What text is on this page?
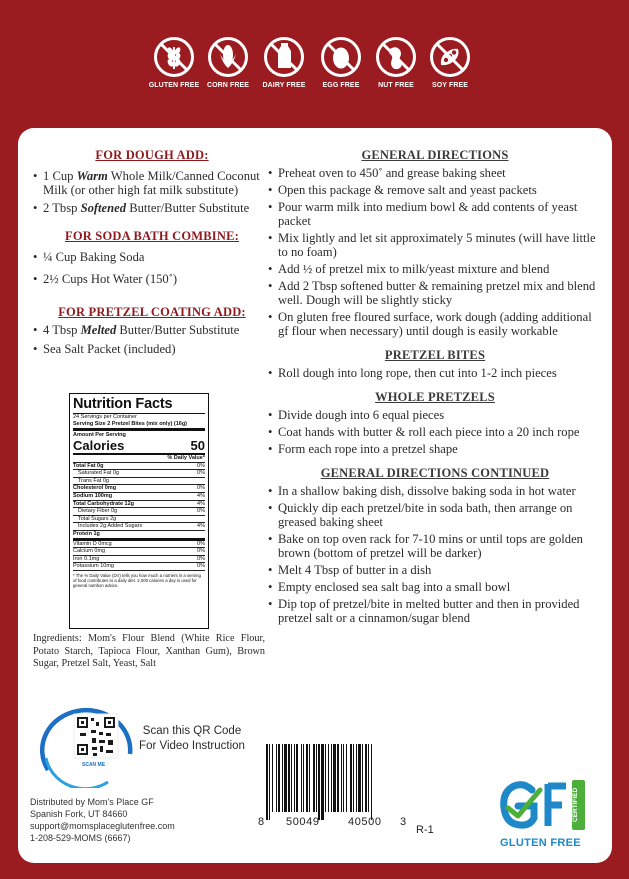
GLUTEN FREE	CORN FREE	DAIRY FREE	EGG FREE	NUT FREE	SOY FREE
FOR DOUGH ADD:
• 1 Cup Warm Whole Milk/Canned Coconut Milk (or other high fat milk substitute)
• 2 Tbsp Softened Butter/Butter Substitute
FOR SODA BATH COMBINE:
• ¼ Cup Baking Soda
• 2½ Cups Hot Water (150˚)
FOR PRETZEL COATING ADD:
• 4 Tbsp Melted Butter/Butter Substitute
• Sea Salt Packet (included)
Nutrition Facts
24 Servings per Container
Serving Size 2 Pretzel Bites (mix only) (16g)
Amount Per Serving
Calories	50
% Daily Value*
Total Fat 0g	0%
Saturated Fat 0g	0%
Trans Fat 0g
Cholesterol 0mg	0%
Sodium 100mg	4%
Total Carbohydrate 12g	4%
Dietary Fiber 0g	0%
Total Sugars 2g
Includes 2g Added Sugars	4%
Protein 1g
Vitamin D 0mcg	0%
Calcium 0mg	0%
Iron 0.1mg	0%
Potassium 10mg	0%
* The % Daily Value (DV) tells you how much a nutrient in a serving of food contributes to a daily diet. 2,000 calories a day is used for general nutrition advice.
Ingredients: Mom's Flour Blend (White Rice Flour, Potato Starch, Tapioca Flour, Xanthan Gum), Brown Sugar, Pretzel Salt, Yeast, Salt
SCAN ME
Scan this QR Code For Video Instruction
Distributed by Mom's Place GF
Spanish Fork, UT 84660
support@momsplaceglutenfree.com
1-208-529-MOMS (6667)
GENERAL DIRECTIONS
• Preheat oven to 450˚ and grease baking sheet
• Open this package & remove salt and yeast packets
• Pour warm milk into medium bowl & add contents of yeast packet
• Mix lightly and let sit approximately 5 minutes (will have little to no foam)
• Add ½ of pretzel mix to milk/yeast mixture and blend
• Add 2 Tbsp softened butter & remaining pretzel mix and blend well. Dough will be slightly sticky
• On gluten free floured surface, work dough (adding additional gf flour when necessary) until dough is easily workable
PRETZEL BITES
• Roll dough into long rope, then cut into 1-2 inch pieces
WHOLE PRETZELS
• Divide dough into 6 equal pieces
• Coat hands with butter & roll each piece into a 20 inch rope
• Form each rope into a pretzel shape
GENERAL DIRECTIONS CONTINUED
• In a shallow baking dish, dissolve baking soda in hot water
• Quickly dip each pretzel/bite in soda bath, then arrange on greased baking sheet
• Bake on top oven rack for 7-10 mins or until tops are golden brown (bottom of pretzel will be darker)
• Melt 4 Tbsp of butter in a dish
• Empty enclosed sea salt bag into a small bowl
• Dip top of pretzel/bite in melted butter and then in provided pretzel salt or a cinnamon/sugar blend
8 50049	40500 3
R-1
CERTIFIED
GLUTEN FREE
